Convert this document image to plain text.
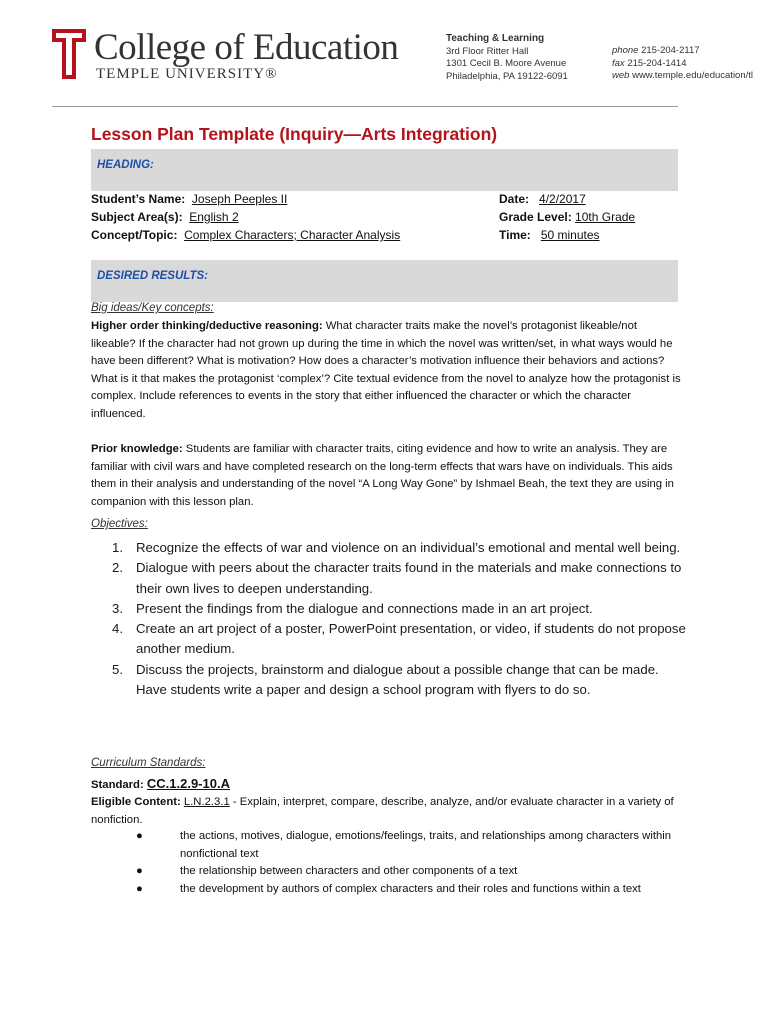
College of Education
TEMPLE UNIVERSITY®
Teaching & Learning
3rd Floor Ritter Hall
1301 Cecil B. Moore Avenue
Philadelphia, PA 19122-6091
phone 215-204-2117
fax 215-204-1414
web www.temple.edu/education/tl
Lesson Plan Template (Inquiry—Arts Integration)
HEADING:
Student’s Name: Joseph Peeples II
Subject Area(s): English 2
Concept/Topic: Complex Characters; Character Analysis
Date: 4/2/2017
Grade Level: 10th Grade
Time: 50 minutes
DESIRED RESULTS:
Big ideas/Key concepts:
Higher order thinking/deductive reasoning: What character traits make the novel’s protagonist likeable/not likeable? If the character had not grown up during the time in which the novel was written/set, in what ways would he have been different? What is motivation? How does a character’s motivation influence their behaviors and actions? What is it that makes the protagonist ‘complex’? Cite textual evidence from the novel to analyze how the protagonist is complex. Include references to events in the story that either influenced the character or which the character influenced.
Prior knowledge: Students are familiar with character traits, citing evidence and how to write an analysis. They are familiar with civil wars and have completed research on the long-term effects that wars have on individuals. This aids them in their analysis and understanding of the novel “A Long Way Gone” by Ishmael Beah, the text they are using in companion with this lesson plan.
Objectives:
1. Recognize the effects of war and violence on an individual’s emotional and mental well being.
2. Dialogue with peers about the character traits found in the materials and make connections to their own lives to deepen understanding.
3. Present the findings from the dialogue and connections made in an art project.
4. Create an art project of a poster, PowerPoint presentation, or video, if students do not propose another medium.
5. Discuss the projects, brainstorm and dialogue about a possible change that can be made. Have students write a paper and design a school program with flyers to do so.
Curriculum Standards:
Standard: CC.1.2.9-10.A
Eligible Content: L.N.2.3.1 - Explain, interpret, compare, describe, analyze, and/or evaluate character in a variety of nonfiction.
●	the actions, motives, dialogue, emotions/feelings, traits, and relationships among characters within nonfictional text
●	the relationship between characters and other components of a text
●	the development by authors of complex characters and their roles and functions within a text
